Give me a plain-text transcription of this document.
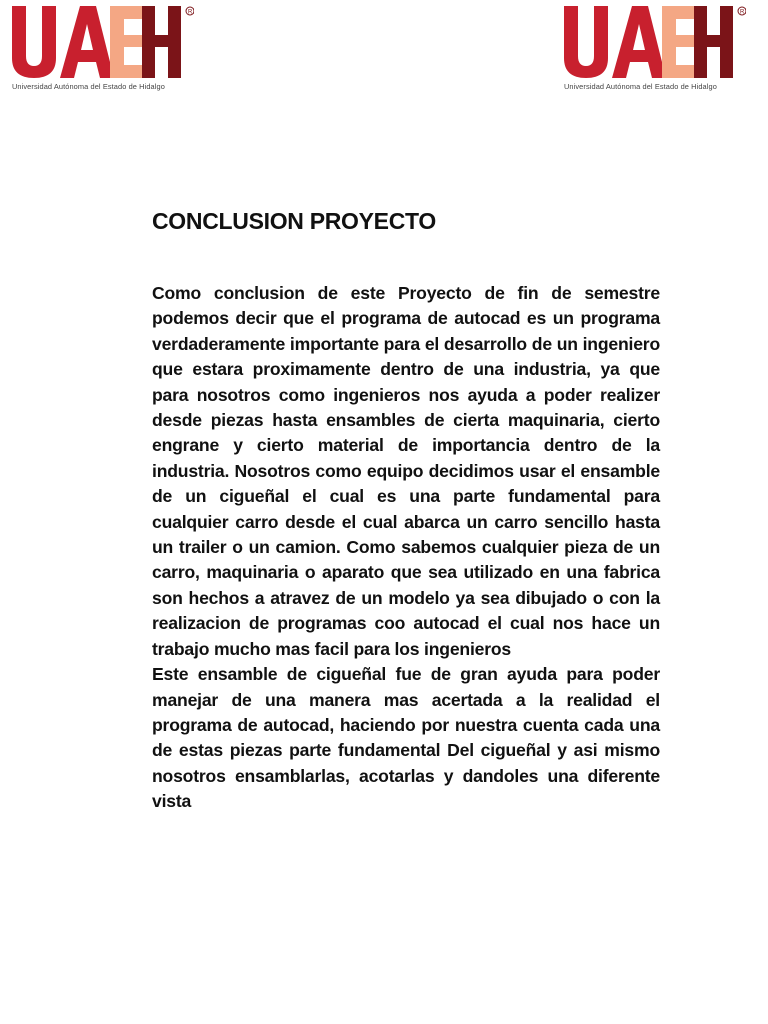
R
Universidad Autónoma del Estado de Hidalgo
R
Universidad Autónoma del Estado de Hidalgo
CONCLUSION PROYECTO

Como conclusion de este Proyecto de fin de semestre podemos decir que el programa de autocad es un programa verdaderamente importante para el desarrollo de un ingeniero que estara proximamente dentro de una industria, ya que para nosotros como ingenieros nos ayuda a poder realizer desde piezas hasta ensambles de cierta maquinaria, cierto engrane y cierto material de importancia dentro de la industria. Nosotros como equipo decidimos usar el ensamble de un cigueñal el cual es una parte fundamental para cualquier carro desde el cual abarca un carro sencillo hasta un trailer o un camion. Como sabemos cualquier pieza de un carro, maquinaria o aparato que sea utilizado en una fabrica son hechos a atravez de un modelo ya sea dibujado o con la realizacion de programas coo autocad el cual nos hace un trabajo mucho mas facil para los ingenieros

Este ensamble de cigueñal fue de gran ayuda para poder manejar de una manera mas acertada a la realidad el programa de autocad, haciendo por nuestra cuenta cada una de estas piezas parte fundamental Del cigueñal y asi mismo nosotros ensamblarlas, acotarlas y dandoles una diferente vista
